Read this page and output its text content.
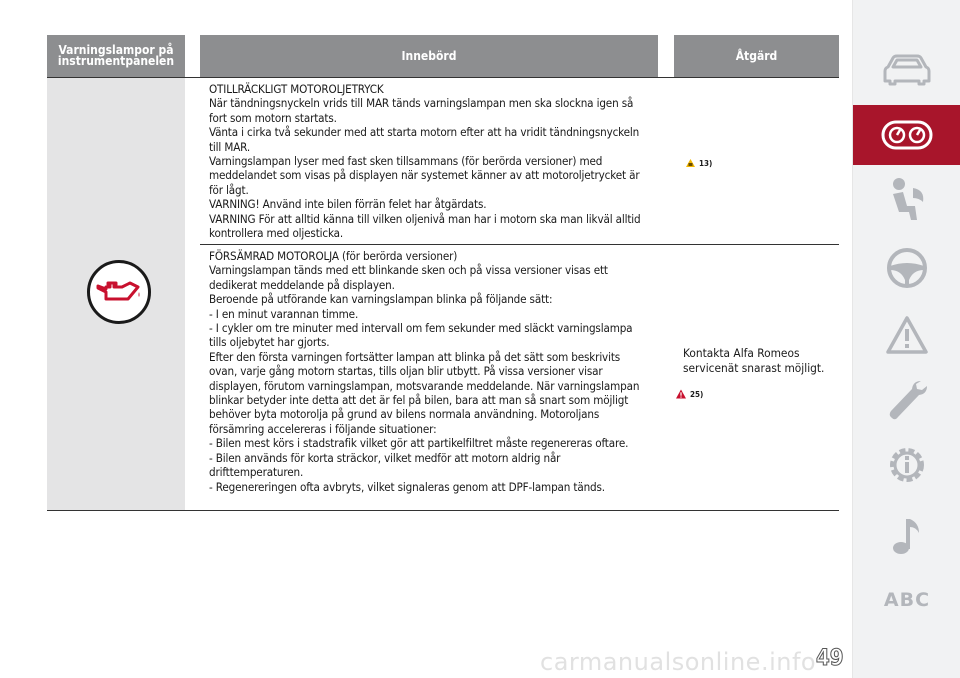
Varningslampor på
instrumentpanelen	Innebörd	Åtgärd
OTILLRÄCKLIGT MOTOROLJETRYCK
När tändningsnyckeln vrids till MAR tänds varningslampan men ska slockna igen så
fort som motorn startats.
Vänta i cirka två sekunder med att starta motorn efter att ha vridit tändningsnyckeln
till MAR.
Varningslampan lyser med fast sken tillsammans (för berörda versioner) med
meddelandet som visas på displayen när systemet känner av att motoroljetrycket är
för lågt.
VARNING! Använd inte bilen förrän felet har åtgärdats.
VARNING För att alltid känna till vilken oljenivå man har i motorn ska man likväl alltid
kontrollera med oljesticka.
13)
FÖRSÄMRAD MOTOROLJA (för berörda versioner)
Varningslampan tänds med ett blinkande sken och på vissa versioner visas ett
dedikerat meddelande på displayen.
Beroende på utförande kan varningslampan blinka på följande sätt:
- I en minut varannan timme.
- I cykler om tre minuter med intervall om fem sekunder med släckt varningslampa
tills oljebytet har gjorts.
Efter den första varningen fortsätter lampan att blinka på det sätt som beskrivits
ovan, varje gång motorn startas, tills oljan blir utbytt. På vissa versioner visar
displayen, förutom varningslampan, motsvarande meddelande. När varningslampan
blinkar betyder inte detta att det är fel på bilen, bara att man så snart som möjligt
behöver byta motorolja på grund av bilens normala användning. Motoroljans
försämring accelereras i följande situationer:
- Bilen mest körs i stadstrafik vilket gör att partikelfiltret måste regenereras oftare.
- Bilen används för korta sträckor, vilket medför att motorn aldrig når
drifttemperaturen.
- Regenereringen ofta avbryts, vilket signaleras genom att DPF-lampan tänds.
Kontakta Alfa Romeos
servicenät snarast möjligt.
25)
carmanualsonline.info 49
ABC
